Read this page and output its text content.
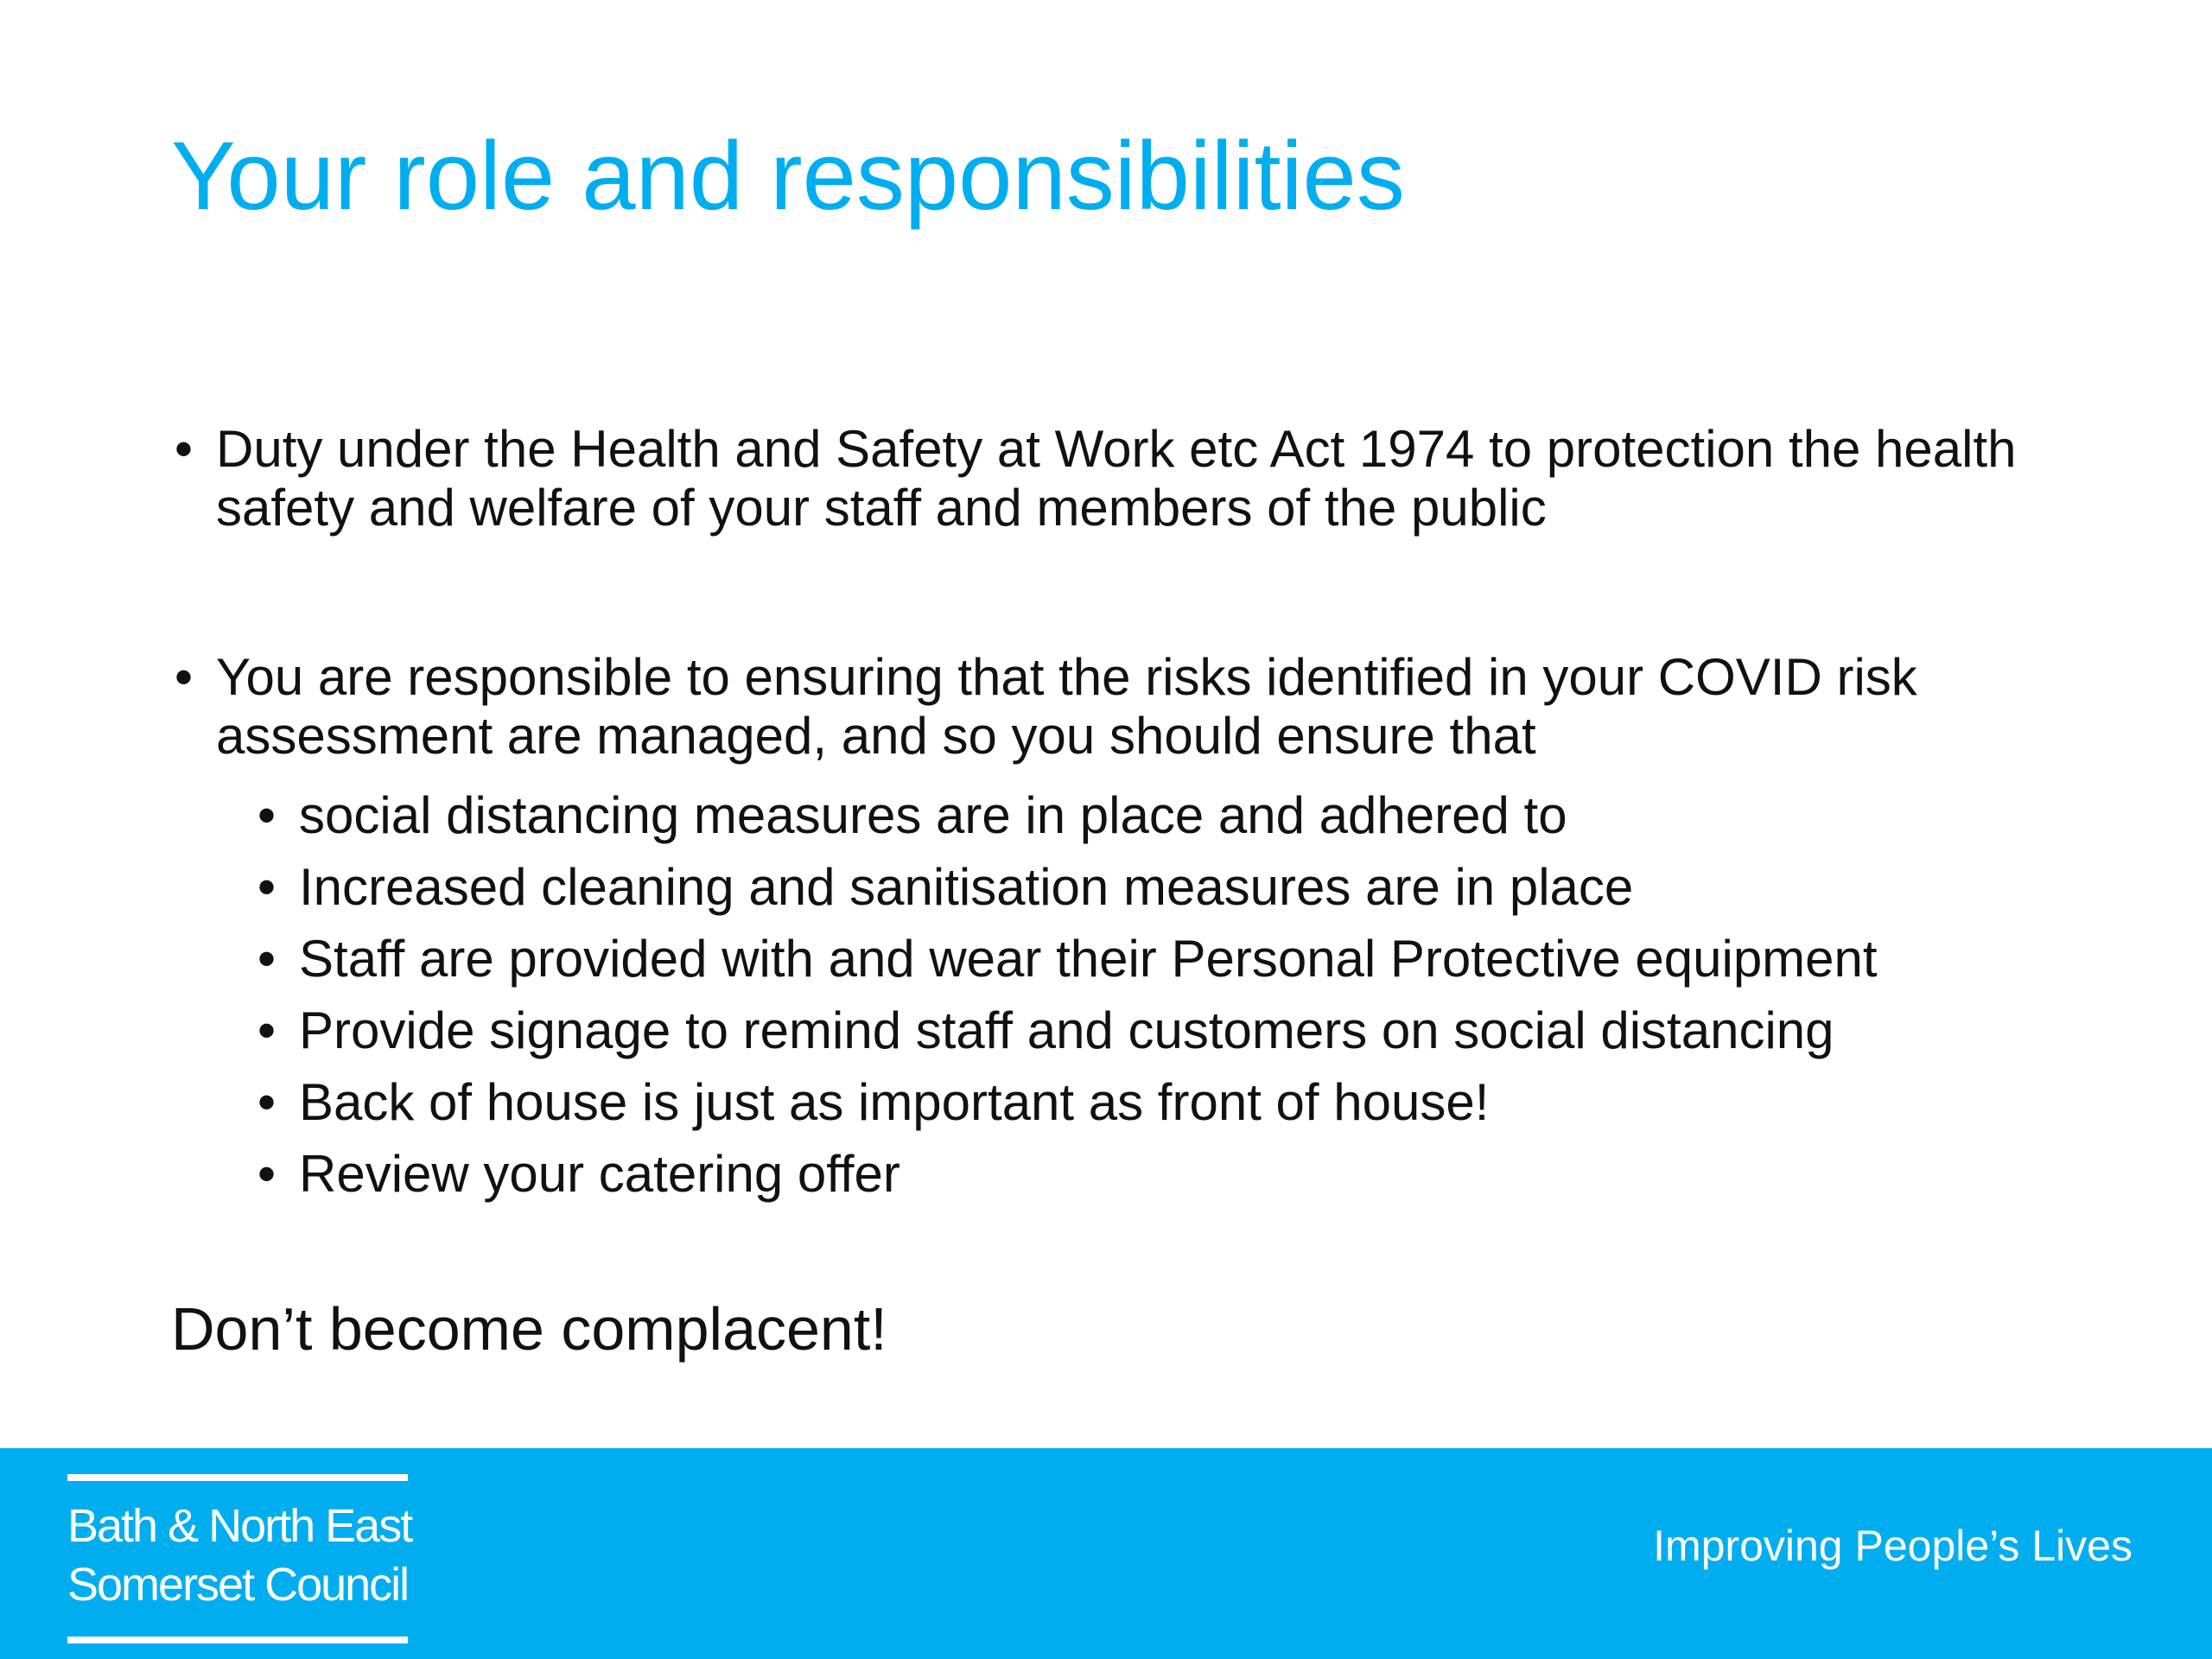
Your role and responsibilities
• Duty under the Health and Safety at Work etc Act 1974 to protection the health safety and welfare of your staff and members of the public
• You are responsible to ensuring that the risks identified in your COVID risk assessment are managed, and so you should ensure that
• social distancing measures are in place and adhered to
• Increased cleaning and sanitisation measures are in place
• Staff are provided with and wear their Personal Protective equipment
• Provide signage to remind staff and customers on social distancing
• Back of house is just as important as front of house!
• Review your catering offer

Don’t become complacent!

Bath & North East
Somerset Council
Improving People’s Lives
